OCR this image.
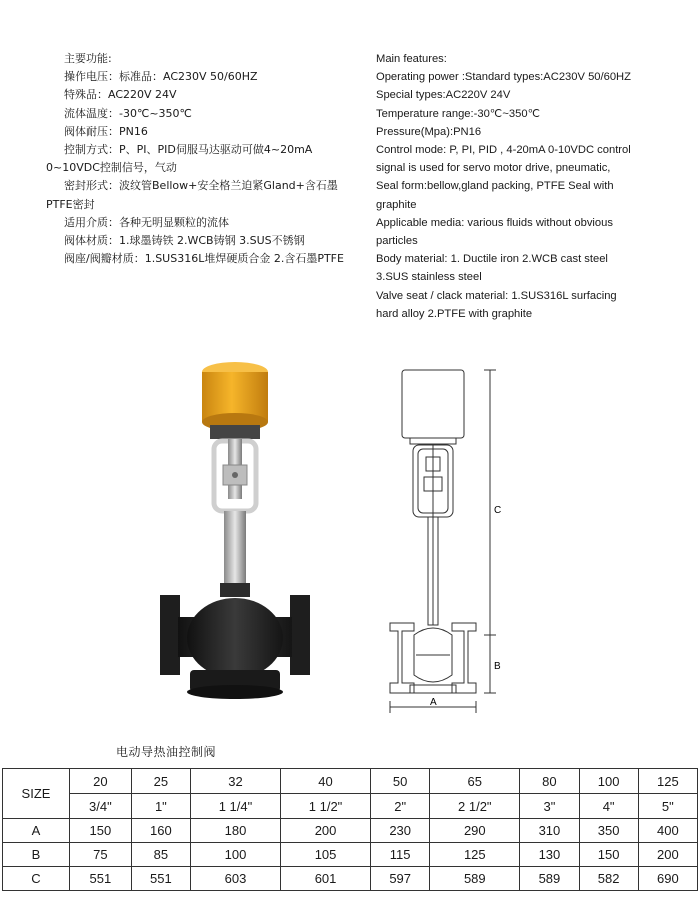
主要功能:
操作电压：标准品：AC230V 50/60HZ
特殊品：AC220V 24V
流体温度：-30℃~350℃
阀体耐压：PN16
控制方式：P、PI、PID伺服马达驱动可做4~20mA
0~10VDC控制信号，气动
密封形式：波纹管Bellow+安全格兰迫紧Gland+含石墨
PTFE密封
适用介质：各种无明显颗粒的流体
阀体材质：1.球墨铸铁 2.WCB铸钢 3.SUS不锈钢
阀座/阀瓣材质：1.SUS316L堆焊硬质合金 2.含石墨PTFE
Main features:
Operating power :Standard types:AC230V 50/60HZ
Special types:AC220V 24V
Temperature range:-30℃~350℃
Pressure(Mpa):PN16
Control mode: P, PI, PID , 4-20mA 0-10VDC control
signal is used for servo motor drive, pneumatic,
Seal form:bellow,gland packing, PTFE Seal with
graphite
Applicable media: various fluids without obvious
particles
Body material: 1. Ductile iron 2.WCB cast steel
3.SUS stainless steel
Valve seat / clack material: 1.SUS316L surfacing
hard alloy 2.PTFE with graphite
C
B
A
电动导热油控制阀
SIZE	20	25	32	40	50	65	80	100	125
	3/4"	1"	1 1/4"	1 1/2"	2"	2 1/2"	3"	4"	5"
A	150	160	180	200	230	290	310	350	400
B	75	85	100	105	115	125	130	150	200
C	551	551	603	601	597	589	589	582	690
